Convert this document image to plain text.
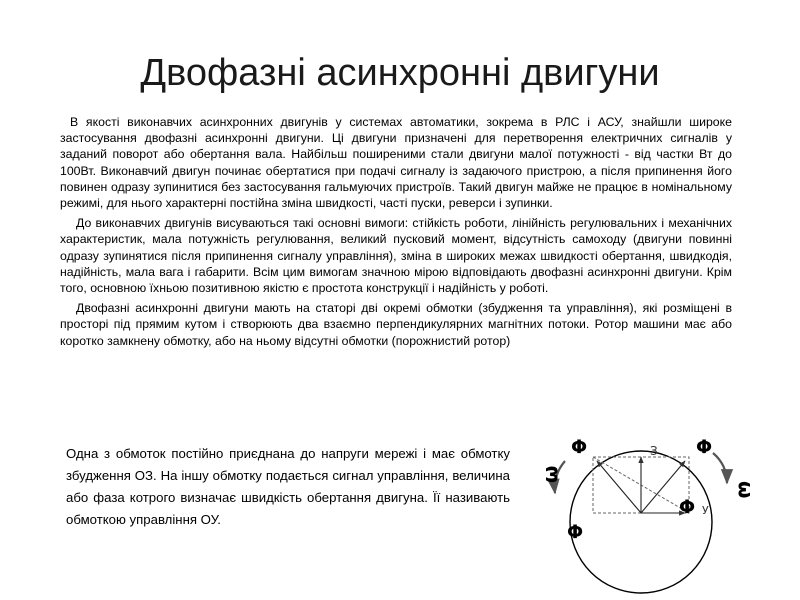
Двофазні асинхронні двигуни

В якості виконавчих асинхронних двигунів у системах автоматики, зокрема в РЛС і АСУ, знайшли широке застосування двофазні асинхронні двигуни. Ці двигуни призначені для перетворення електричних сигналів у заданий поворот або обертання вала. Найбільш поширеними стали двигуни малої потужності - від частки Вт до 100Вт. Виконавчий двигун починає обертатися при подачі сигналу із задаючого пристрою, а після припинення його повинен одразу зупинитися без застосування гальмуючих пристроїв. Такий двигун майже не працює в номінальному режимі, для нього характерні постійна зміна швидкості, часті пуски, реверси і зупинки.

До виконавчих двигунів висуваються такі основні вимоги: стійкість роботи, лінійність регулювальних і механічних характеристик, мала потужність регулювання, великий пусковий момент, відсутність самоходу (двигуни повинні одразу зупинятися після припинення сигналу управління), зміна в широких межах швидкості обертання, швидкодія, надійність, мала вага і габарити. Всім цим вимогам значною мірою відповідають двофазні асинхронні двигуни. Крім того, основною їхньою позитивною якістю є простота конструкції і надійність у роботі.

Двофазні асинхронні двигуни мають на статорі дві окремі обмотки (збудження та управління), які розміщені в просторі під прямим кутом і створюють два взаємно перпендикулярних магнітних потоки. Ротор машини має або коротко замкнену обмотку, або на ньому відсутні обмотки (порожнистий ротор)

Одна з обмоток постійно приєднана до напруги мережі і має обмотку збудження ОЗ. На іншу обмотку подається сигнал управління, величина або фаза котрого визначає швидкість обертання двигуна. Її називають обмоткою управління ОУ.
Φ	Φ
З
Φ
Φ У
ω
ω
